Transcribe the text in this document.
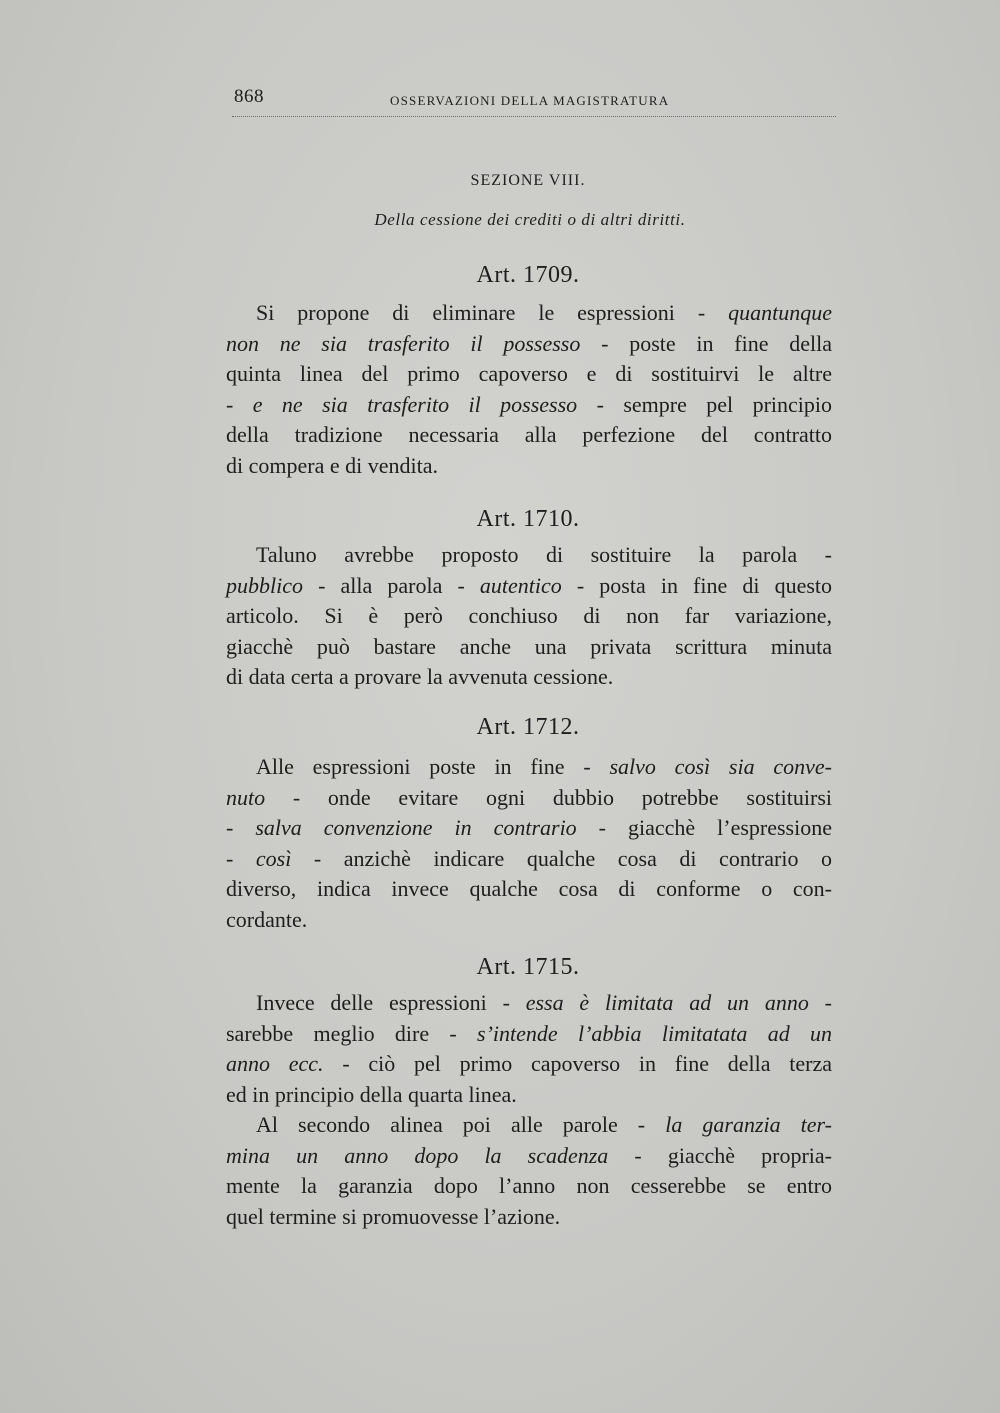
868	OSSERVAZIONI DELLA MAGISTRATURA
SEZIONE VIII.
Della cessione dei crediti o di altri diritti.
Art. 1709.
Si propone di eliminare le espressioni - quantunque
non ne sia trasferito il possesso - poste in fine della
quinta linea del primo capoverso e di sostituirvi le altre
- e ne sia trasferito il possesso - sempre pel principio
della tradizione necessaria alla perfezione del contratto
di compera e di vendita.
Art. 1710.
Taluno avrebbe proposto di sostituire la parola -
pubblico - alla parola - autentico - posta in fine di questo
articolo. Si è però conchiuso di non far variazione,
giacchè può bastare anche una privata scrittura minuta
di data certa a provare la avvenuta cessione.
Art. 1712.
Alle espressioni poste in fine - salvo così sia conve-
nuto - onde evitare ogni dubbio potrebbe sostituirsi
- salva convenzione in contrario - giacchè l’espressione
- così - anzichè indicare qualche cosa di contrario o
diverso, indica invece qualche cosa di conforme o con-
cordante.
Art. 1715.
Invece delle espressioni - essa è limitata ad un anno -
sarebbe meglio dire - s’intende l’abbia limitatata ad un
anno ecc. - ciò pel primo capoverso in fine della terza
ed in principio della quarta linea.
Al secondo alinea poi alle parole - la garanzia ter-
mina un anno dopo la scadenza - giacchè propria-
mente la garanzia dopo l’anno non cesserebbe se entro
quel termine si promuovesse l’azione.
